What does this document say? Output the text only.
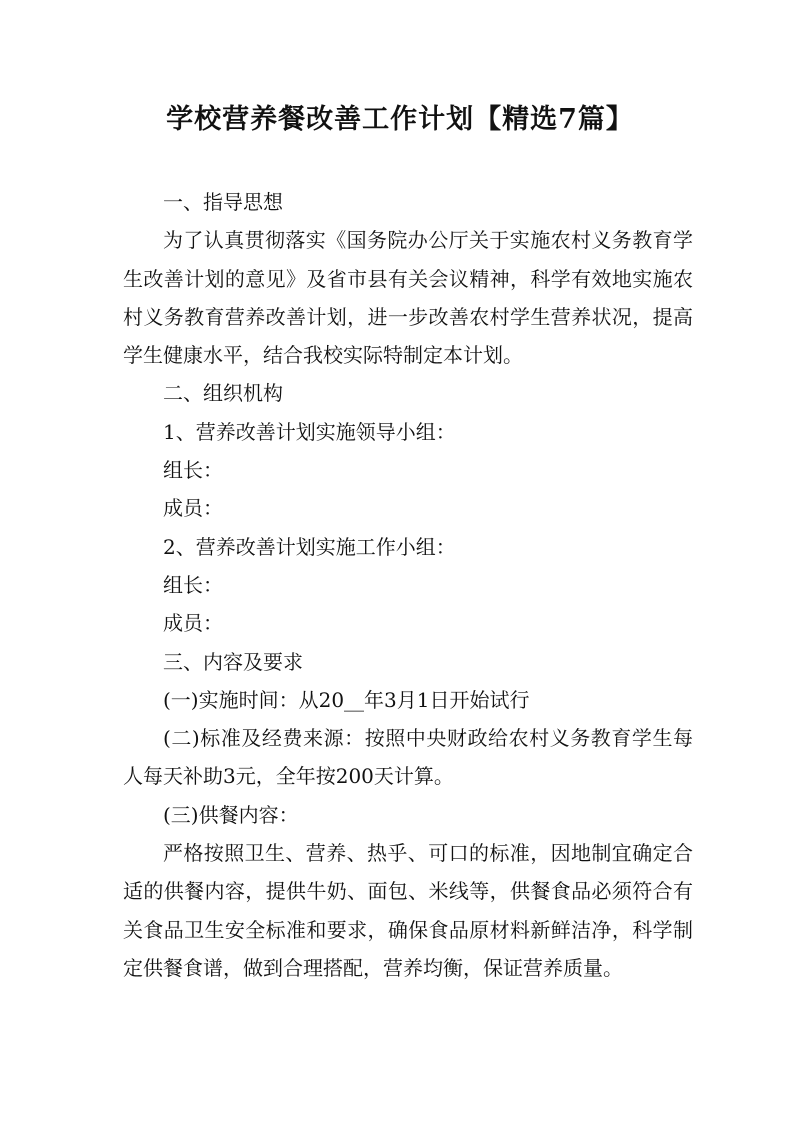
学校营养餐改善工作计划【精选7篇】

一、指导思想

为了认真贯彻落实《国务院办公厅关于实施农村义务教育学生改善计划的意见》及省市县有关会议精神，科学有效地实施农村义务教育营养改善计划，进一步改善农村学生营养状况，提高学生健康水平，结合我校实际特制定本计划。

二、组织机构

1、营养改善计划实施领导小组：

组长：

成员：

2、营养改善计划实施工作小组：

组长：

成员：

三、内容及要求

(一)实施时间：从20__年3月1日开始试行

(二)标准及经费来源：按照中央财政给农村义务教育学生每人每天补助3元，全年按200天计算。

(三)供餐内容：

严格按照卫生、营养、热乎、可口的标准，因地制宜确定合适的供餐内容，提供牛奶、面包、米线等，供餐食品必须符合有关食品卫生安全标准和要求，确保食品原材料新鲜洁净，科学制定供餐食谱，做到合理搭配，营养均衡，保证营养质量。
